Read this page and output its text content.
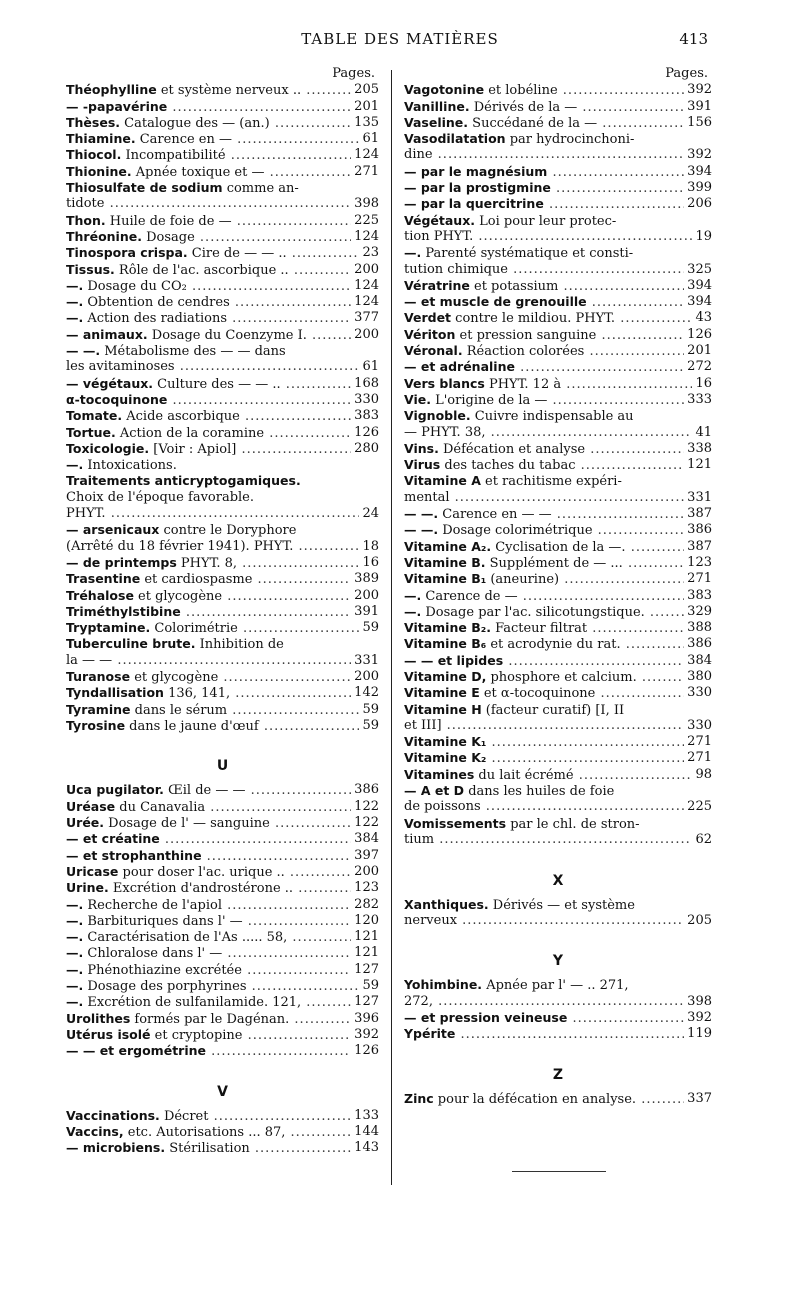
TABLE DES MATIÈRES	413
Pages.
Théophylline et système nerveux .. .....	205
— -papavérine .....	201
Thèses. Catalogue des — (an.) .....	135
Thiamine. Carence en — .....	61
Thiocol. Incompatibilité .....	124
Thionine. Apnée toxique et — .....	271
Thiosulfate de sodium comme an-
tidote .....	398
Thon. Huile de foie de — .....	225
Thréonine. Dosage .....	124
Tinospora crispa. Cire de — — .. .....	23
Tissus. Rôle de l'ac. ascorbique .. .....	200
—. Dosage du CO₂ .....	124
—. Obtention de cendres .....	124
—. Action des radiations .....	377
— animaux. Dosage du Coenzyme I. .....	200
— —. Métabolisme des — — dans
les avitaminoses .....	61
— végétaux. Culture des — — .. .....	168
α-tocoquinone .....	330
Tomate. Acide ascorbique .....	383
Tortue. Action de la coramine .....	126
Toxicologie. [Voir : Apiol] .....	280
—. Intoxications.
Traitements anticryptogamiques.
Choix de l'époque favorable.
PHYT. .....	24
— arsenicaux contre le Doryphore
(Arrêté du 18 février 1941). PHYT. .....	18
— de printemps PHYT. 8, .....	16
Trasentine et cardiospasme .....	389
Tréhalose et glycogène .....	200
Triméthylstibine .....	391
Tryptamine. Colorimétrie .....	59
Tuberculine brute. Inhibition de
la — — .....	331
Turanose et glycogène .....	200
Tyndallisation 136, 141, .....	142
Tyramine dans le sérum .....	59
Tyrosine dans le jaune d'œuf .....	59
U
Uca pugilator. Œil de — — .....	386
Uréase du Canavalia .....	122
Urée. Dosage de l' — sanguine .....	122
— et créatine .....	384
— et strophanthine .....	397
Uricase pour doser l'ac. urique .. .....	200
Urine. Excrétion d'androstérone .. .....	123
—. Recherche de l'apiol .....	282
—. Barbituriques dans l' — .....	120
—. Caractérisation de l'As ..... 58, .....	121
—. Chloralose dans l' — .....	121
—. Phénothiazine excrétée .....	127
—. Dosage des porphyrines .....	59
—. Excrétion de sulfanilamide. 121, .....	127
Urolithes formés par le Dagénan. .....	396
Utérus isolé et cryptopine .....	392
— — et ergométrine .....	126
V
Vaccinations. Décret .....	133
Vaccins, etc. Autorisations ... 87, .....	144
— microbiens. Stérilisation .....	143
Pages.
Vagotonine et lobéline .....	392
Vanilline. Dérivés de la — .....	391
Vaseline. Succédané de la — .....	156
Vasodilatation par hydrocinchoni-
dine .....	392
— par le magnésium .....	394
— par la prostigmine .....	399
— par la quercitrine .....	206
Végétaux. Loi pour leur protec-
tion PHYT. .....	19
—. Parenté systématique et consti-
tution chimique .....	325
Vératrine et potassium .....	394
— et muscle de grenouille .....	394
Verdet contre le mildiou. PHYT. .....	43
Vériton et pression sanguine .....	126
Véronal. Réaction colorées .....	201
— et adrénaline .....	272
Vers blancs PHYT. 12 à .....	16
Vie. L'origine de la — .....	333
Vignoble. Cuivre indispensable au
— PHYT. 38, .....	41
Vins. Défécation et analyse .....	338
Virus des taches du tabac .....	121
Vitamine A et rachitisme expéri-
mental .....	331
— —. Carence en — — .....	387
— —. Dosage colorimétrique .....	386
Vitamine A₂. Cyclisation de la —. .....	387
Vitamine B. Supplément de — ... .....	123
Vitamine B₁ (aneurine) .....	271
—. Carence de — .....	383
—. Dosage par l'ac. silicotungstique. .....	329
Vitamine B₂. Facteur filtrat .....	388
Vitamine B₆ et acrodynie du rat. .....	386
— — et lipides .....	384
Vitamine D, phosphore et calcium. .....	380
Vitamine E et α-tocoquinone .....	330
Vitamine H (facteur curatif) [I, II
et III] .....	330
Vitamine K₁ .....	271
Vitamine K₂ .....	271
Vitamines du lait écrémé .....	98
— A et D dans les huiles de foie
de poissons .....	225
Vomissements par le chl. de stron-
tium .....	62
X
Xanthiques. Dérivés — et système
nerveux .....	205
Y
Yohimbine. Apnée par l' — .. 271,
272, .....	398
— et pression veineuse .....	392
Ypérite .....	119
Z
Zinc pour la défécation en analyse. .....	337
